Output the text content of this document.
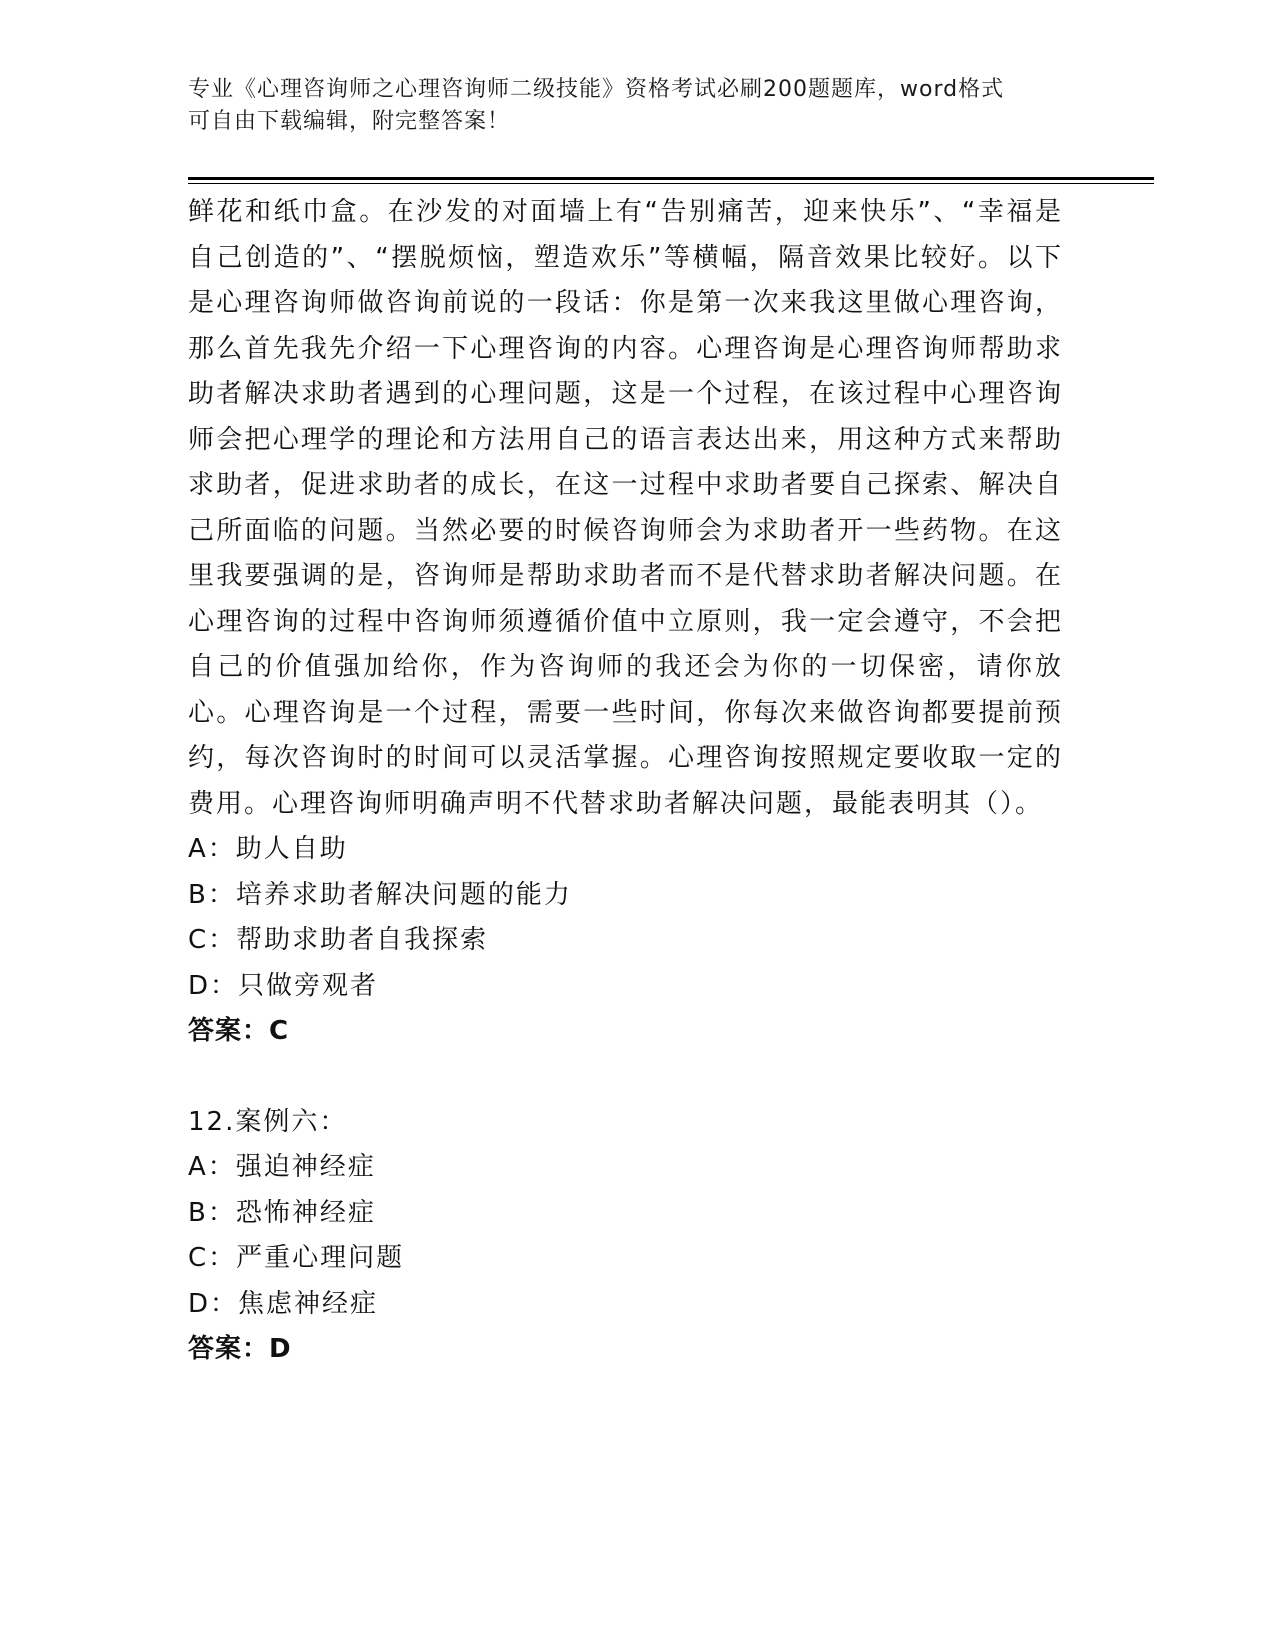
专业《心理咨询师之心理咨询师二级技能》资格考试必刷200题题库，word格式
可自由下载编辑，附完整答案！

鲜花和纸巾盒。在沙发的对面墙上有“告别痛苦，迎来快乐”、“幸福是自己创造的”、“摆脱烦恼，塑造欢乐”等横幅，隔音效果比较好。以下是心理咨询师做咨询前说的一段话：你是第一次来我这里做心理咨询，那么首先我先介绍一下心理咨询的内容。心理咨询是心理咨询师帮助求助者解决求助者遇到的心理问题，这是一个过程，在该过程中心理咨询师会把心理学的理论和方法用自己的语言表达出来，用这种方式来帮助求助者，促进求助者的成长，在这一过程中求助者要自己探索、解决自己所面临的问题。当然必要的时候咨询师会为求助者开一些药物。在这里我要强调的是，咨询师是帮助求助者而不是代替求助者解决问题。在心理咨询的过程中咨询师须遵循价值中立原则，我一定会遵守，不会把自己的价值强加给你，作为咨询师的我还会为你的一切保密，请你放心。心理咨询是一个过程，需要一些时间，你每次来做咨询都要提前预约，每次咨询时的时间可以灵活掌握。心理咨询按照规定要收取一定的费用。心理咨询师明确声明不代替求助者解决问题，最能表明其（）。

A：助人自助

B：培养求助者解决问题的能力

C：帮助求助者自我探索

D：只做旁观者

答案：C

12.案例六：

A：强迫神经症

B：恐怖神经症

C：严重心理问题

D：焦虑神经症

答案：D
